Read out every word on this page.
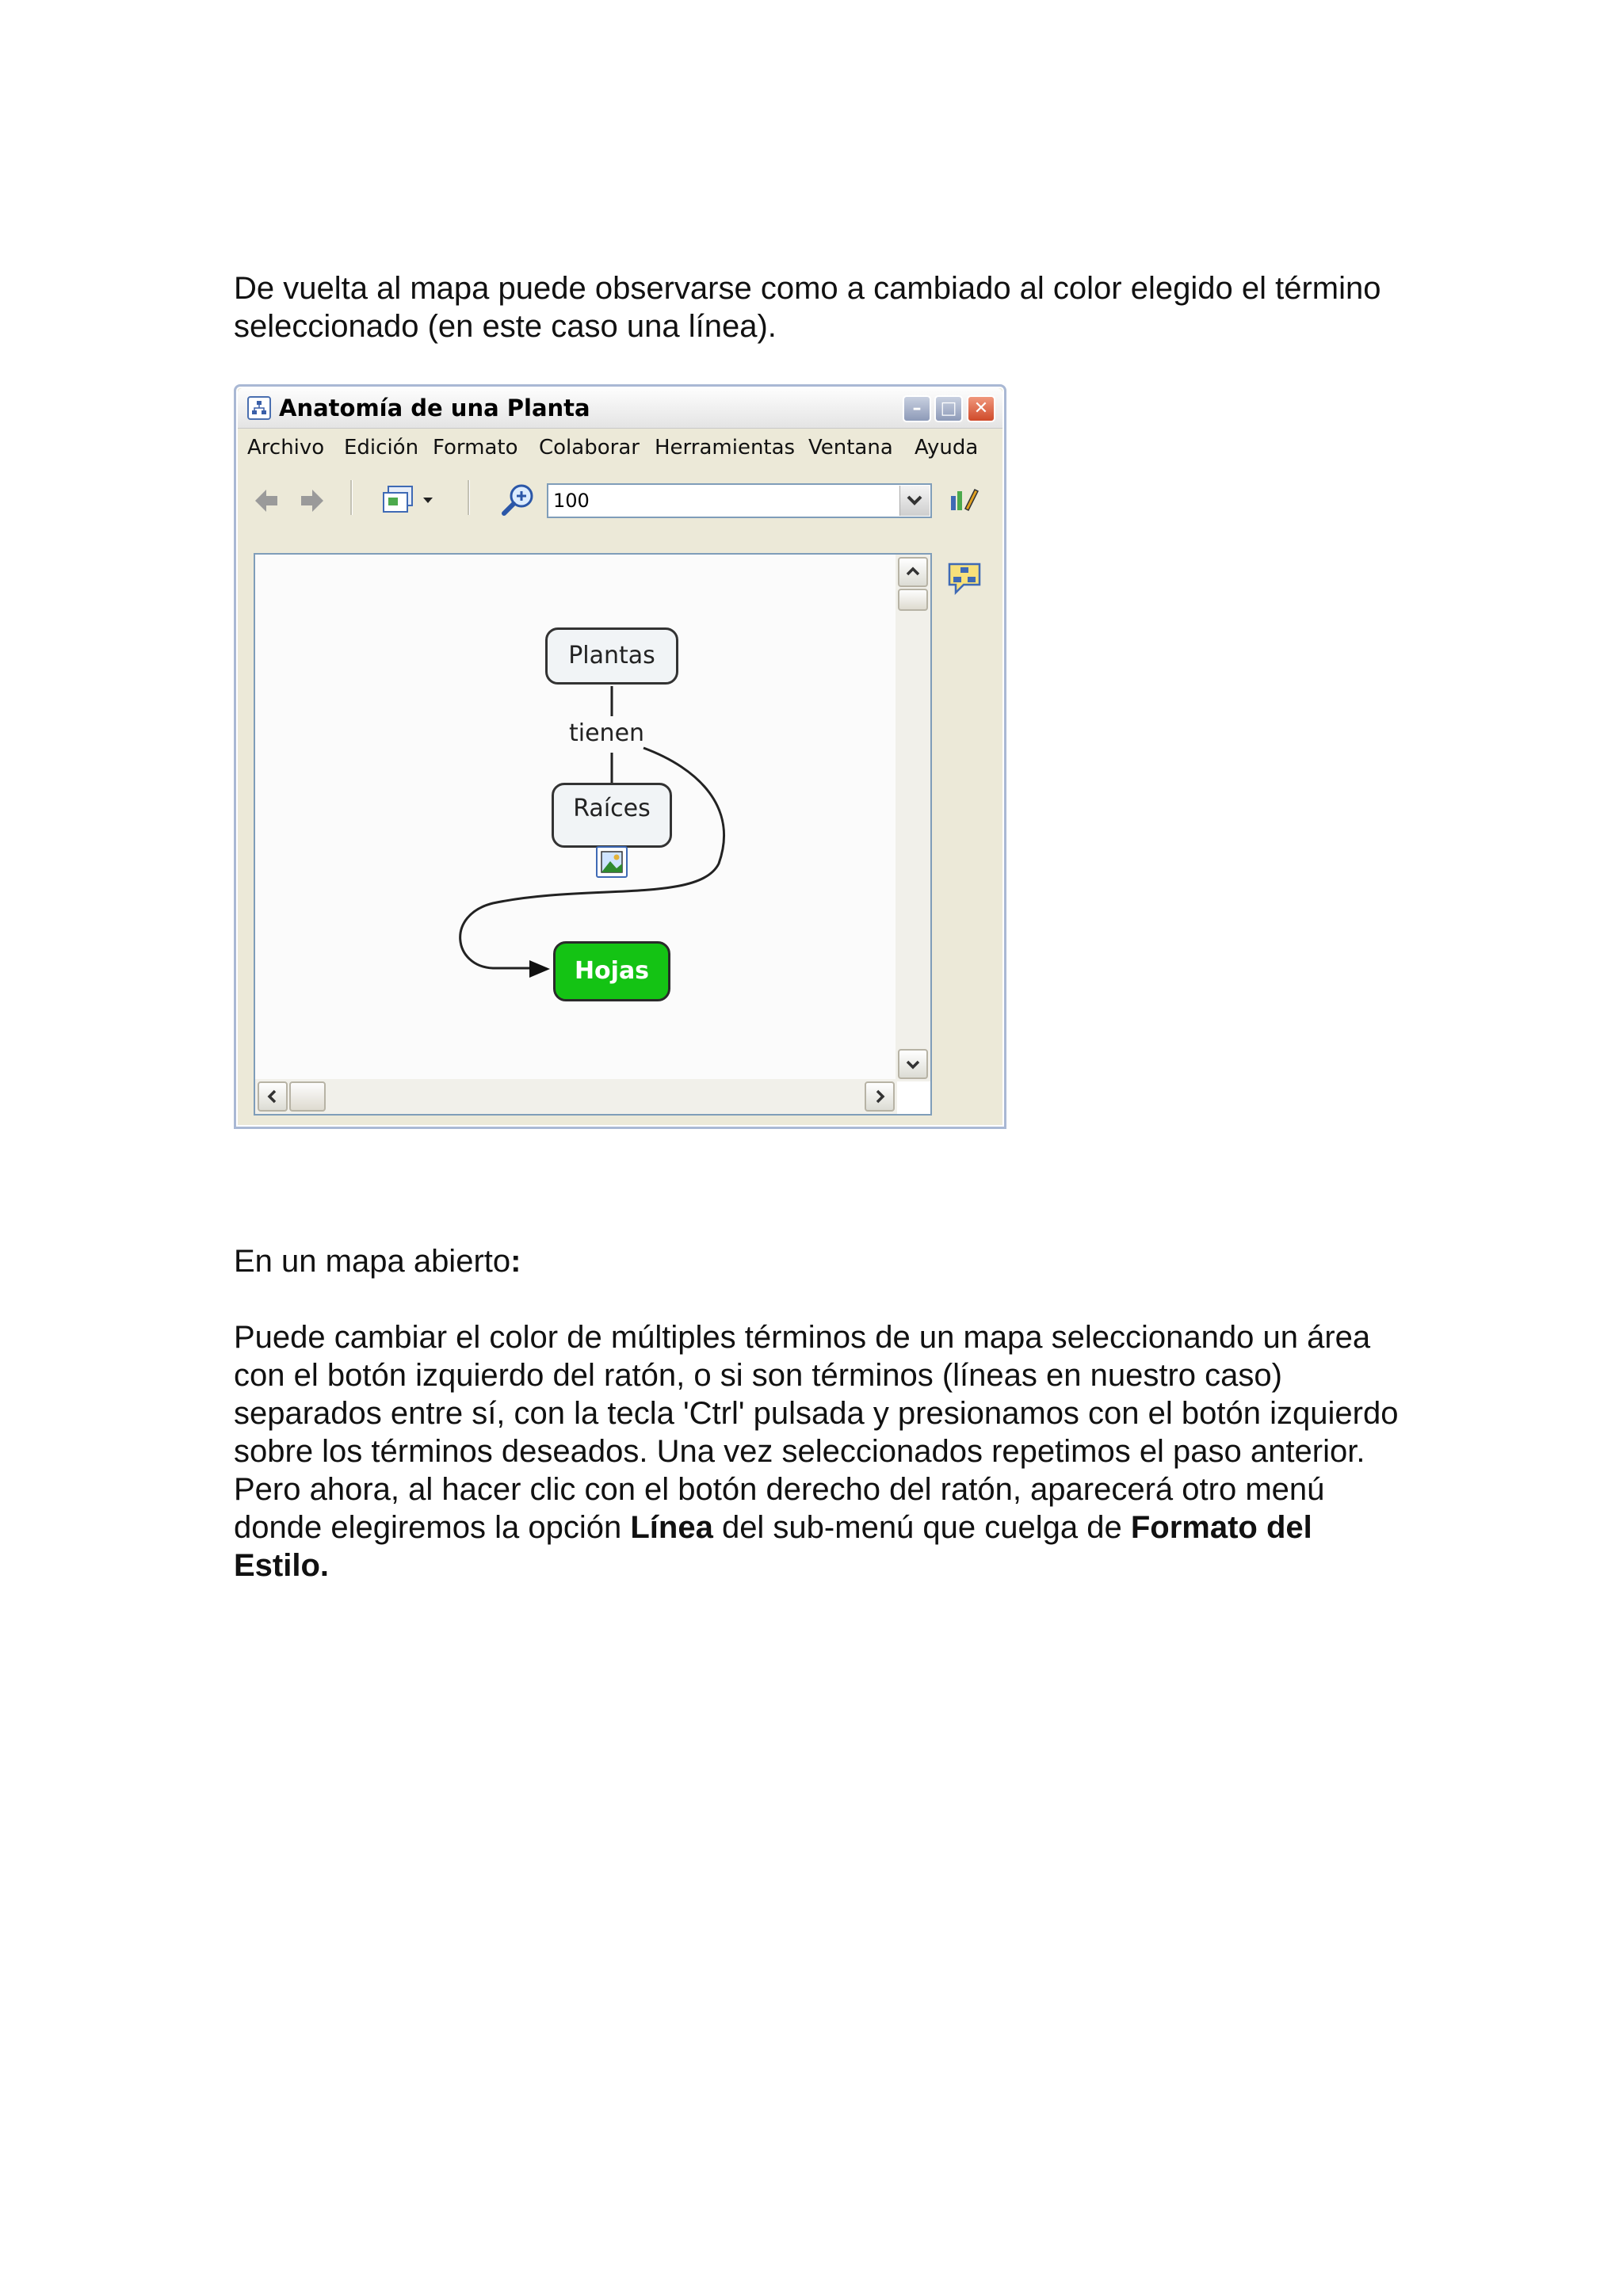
De vuelta al mapa puede observarse como a cambiado al color elegido el término seleccionado (en este caso una línea).

Anatomía de una Planta	–	□ ✕
Archivo Edición Formato Colaborar Herramientas Ventana Ayuda
100
Plantas
tienen
Raíces
Hojas

En un mapa abierto:

Puede cambiar el color de múltiples términos de un mapa seleccionando un área con el botón izquierdo del ratón, o si son términos (líneas en nuestro caso) separados entre sí, con la tecla 'Ctrl' pulsada y presionamos con el botón izquierdo sobre los términos deseados. Una vez seleccionados repetimos el paso anterior. Pero ahora, al hacer clic con el botón derecho del ratón, aparecerá otro menú donde elegiremos la opción Línea del sub-menú que cuelga de Formato del Estilo.
